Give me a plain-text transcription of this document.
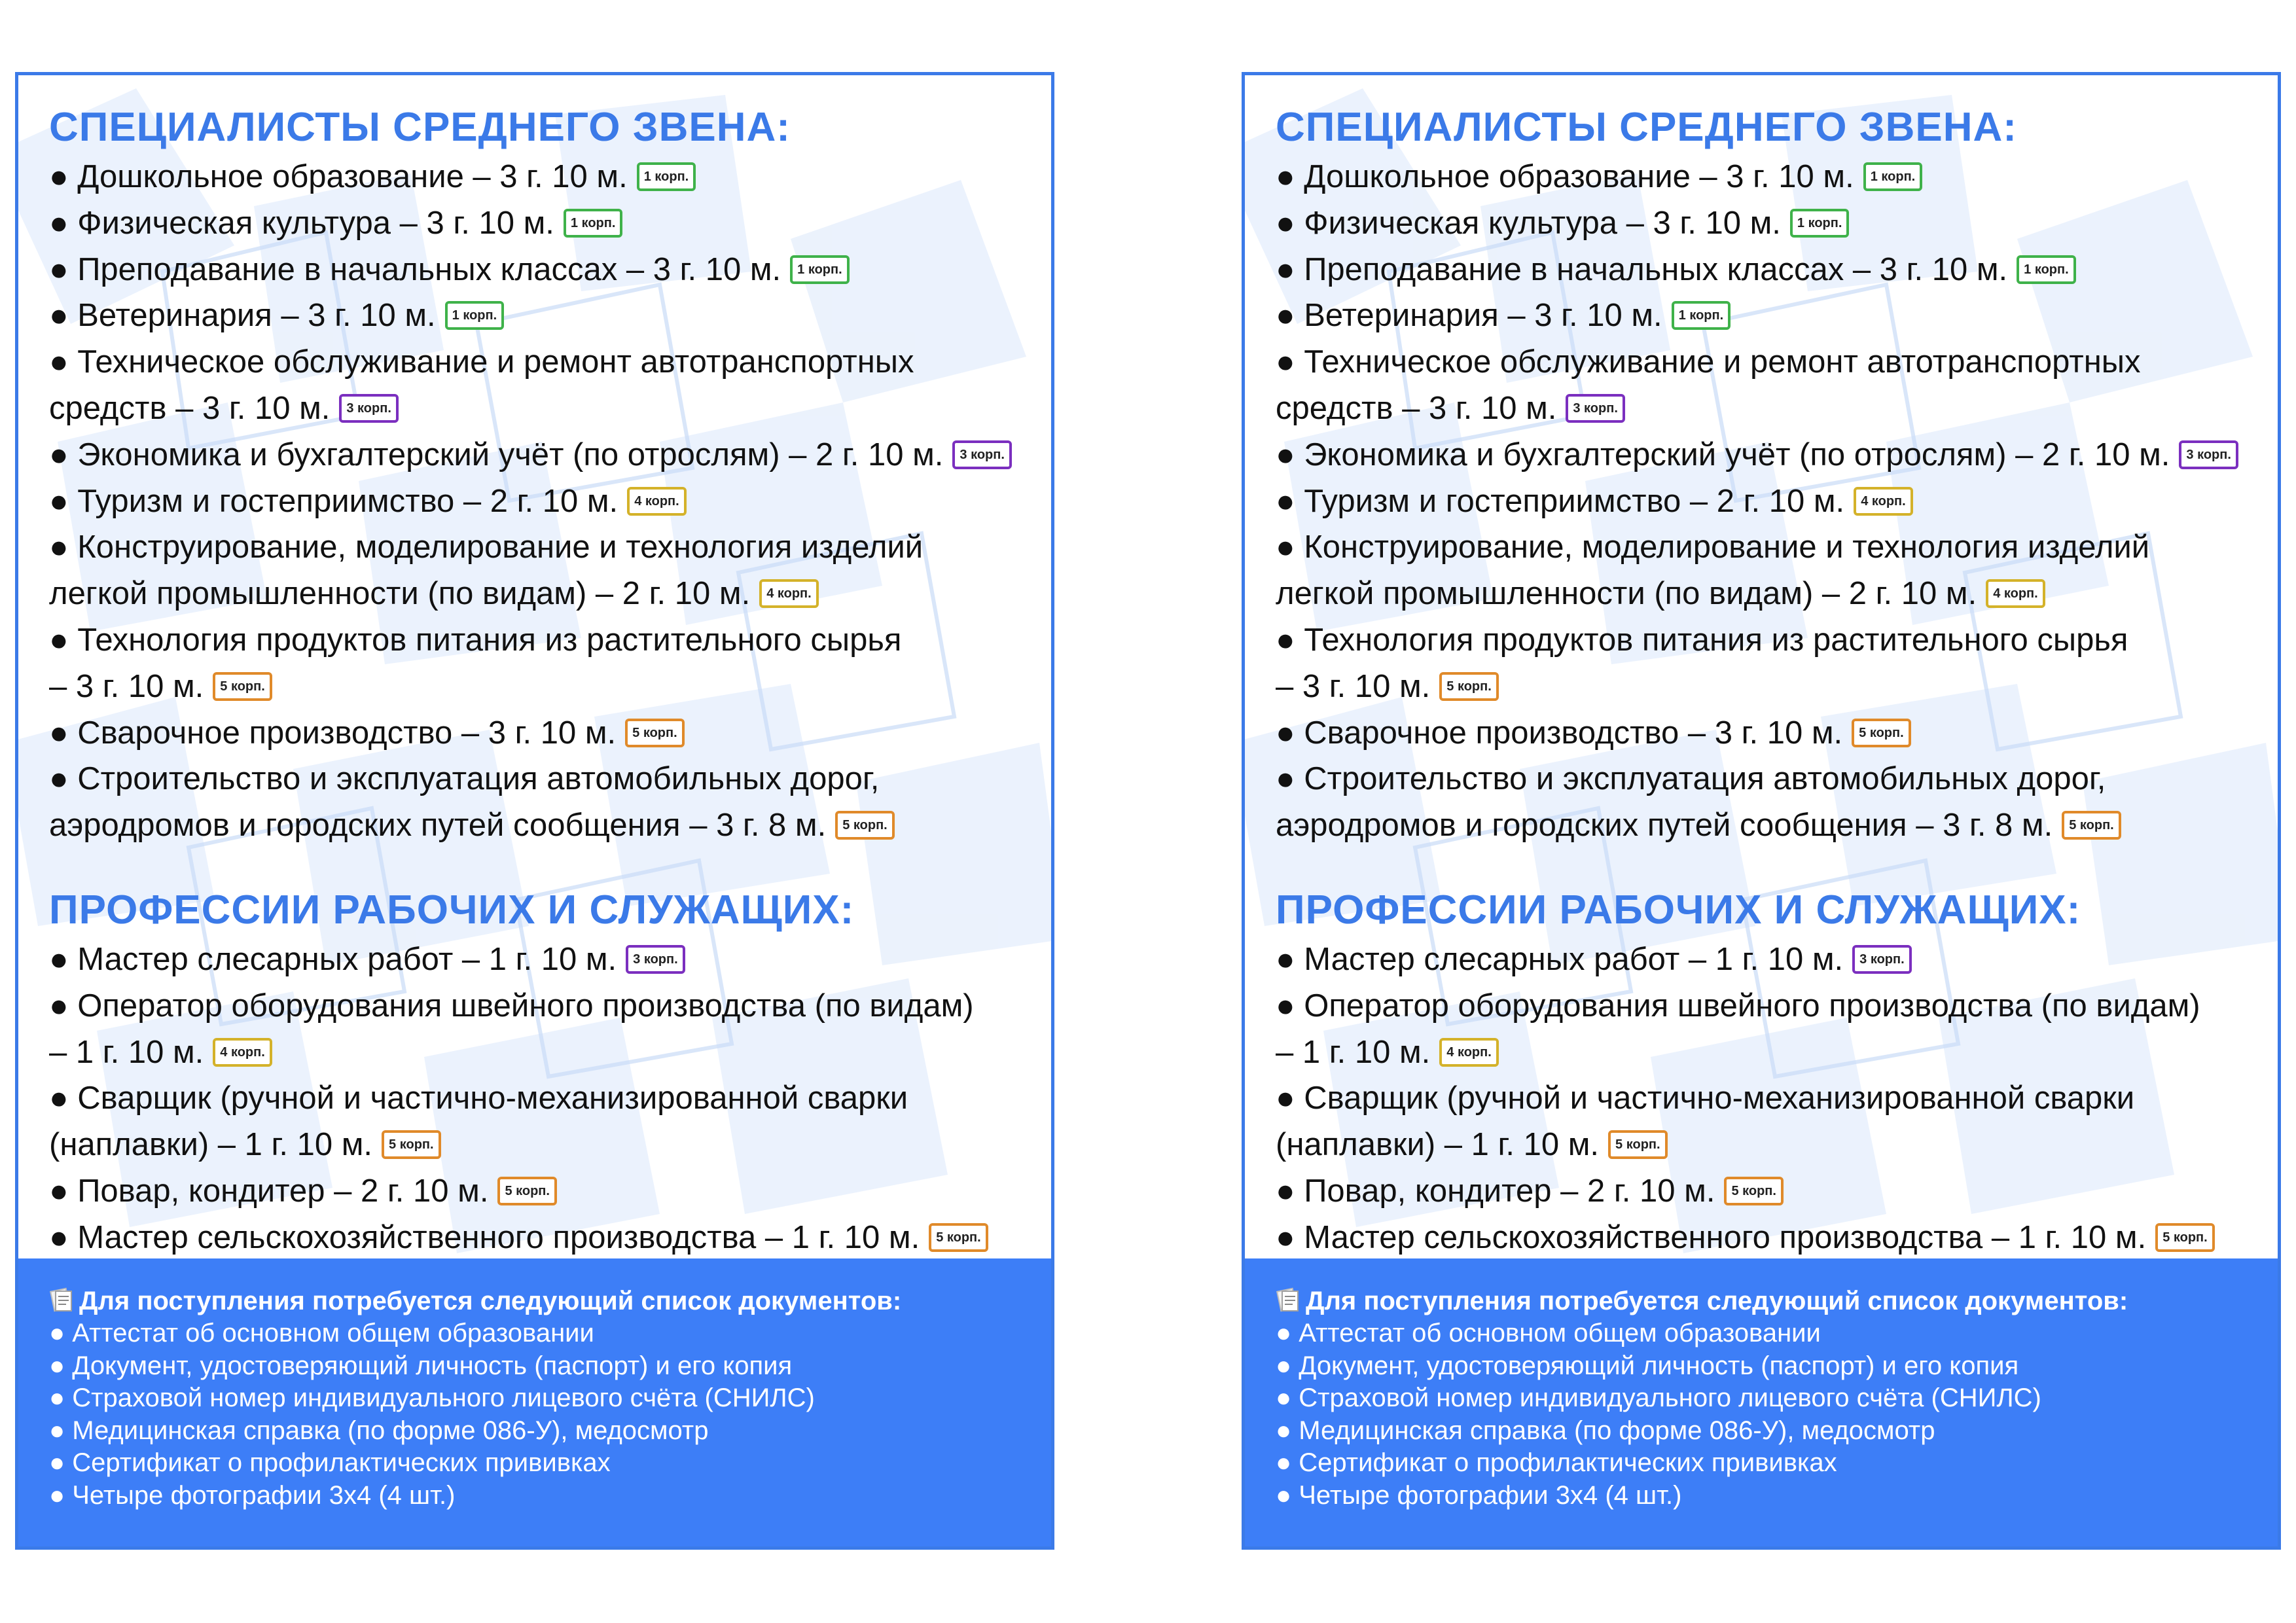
СПЕЦИАЛИСТЫ СРЕДНЕГО ЗВЕНА:
● Дошкольное образование – 3 г. 10 м. 1 корп.
● Физическая культура – 3 г. 10 м. 1 корп.
● Преподавание в начальных классах – 3 г. 10 м. 1 корп.
● Ветеринария – 3 г. 10 м. 1 корп.
● Техническое обслуживание и ремонт автотранспортных
средств – 3 г. 10 м. 3 корп.
● Экономика и бухгалтерский учёт (по отрослям) – 2 г. 10 м. 3 корп.
● Туризм и гостеприимство – 2 г. 10 м. 4 корп.
● Конструирование, моделирование и технология изделий
легкой промышленности (по видам) – 2 г. 10 м. 4 корп.
● Технология продуктов питания из растительного сырья
– 3 г. 10 м. 5 корп.
● Сварочное производство – 3 г. 10 м. 5 корп.
● Строительство и эксплуатация автомобильных дорог,
аэродромов и городских путей сообщения – 3 г. 8 м. 5 корп.
ПРОФЕССИИ РАБОЧИХ И СЛУЖАЩИХ:
● Мастер слесарных работ – 1 г. 10 м. 3 корп.
● Оператор оборудования швейного производства (по видам)
– 1 г. 10 м. 4 корп.
● Сварщик (ручной и частично-механизированной сварки
(наплавки) – 1 г. 10 м. 5 корп.
● Повар, кондитер – 2 г. 10 м. 5 корп.
● Мастер сельскохозяйственного производства – 1 г. 10 м. 5 корп.
Для поступления потребуется следующий список документов:
● Аттестат об основном общем образовании
● Документ, удостоверяющий личность (паспорт) и его копия
● Страховой номер индивидуального лицевого счёта (СНИЛС)
● Медицинская справка (по форме 086-У), медосмотр
● Сертификат о профилактических прививках
● Четыре фотографии 3х4 (4 шт.)
СПЕЦИАЛИСТЫ СРЕДНЕГО ЗВЕНА:
● Дошкольное образование – 3 г. 10 м. 1 корп.
● Физическая культура – 3 г. 10 м. 1 корп.
● Преподавание в начальных классах – 3 г. 10 м. 1 корп.
● Ветеринария – 3 г. 10 м. 1 корп.
● Техническое обслуживание и ремонт автотранспортных
средств – 3 г. 10 м. 3 корп.
● Экономика и бухгалтерский учёт (по отрослям) – 2 г. 10 м. 3 корп.
● Туризм и гостеприимство – 2 г. 10 м. 4 корп.
● Конструирование, моделирование и технология изделий
легкой промышленности (по видам) – 2 г. 10 м. 4 корп.
● Технология продуктов питания из растительного сырья
– 3 г. 10 м. 5 корп.
● Сварочное производство – 3 г. 10 м. 5 корп.
● Строительство и эксплуатация автомобильных дорог,
аэродромов и городских путей сообщения – 3 г. 8 м. 5 корп.
ПРОФЕССИИ РАБОЧИХ И СЛУЖАЩИХ:
● Мастер слесарных работ – 1 г. 10 м. 3 корп.
● Оператор оборудования швейного производства (по видам)
– 1 г. 10 м. 4 корп.
● Сварщик (ручной и частично-механизированной сварки
(наплавки) – 1 г. 10 м. 5 корп.
● Повар, кондитер – 2 г. 10 м. 5 корп.
● Мастер сельскохозяйственного производства – 1 г. 10 м. 5 корп.
Для поступления потребуется следующий список документов:
● Аттестат об основном общем образовании
● Документ, удостоверяющий личность (паспорт) и его копия
● Страховой номер индивидуального лицевого счёта (СНИЛС)
● Медицинская справка (по форме 086-У), медосмотр
● Сертификат о профилактических прививках
● Четыре фотографии 3х4 (4 шт.)
